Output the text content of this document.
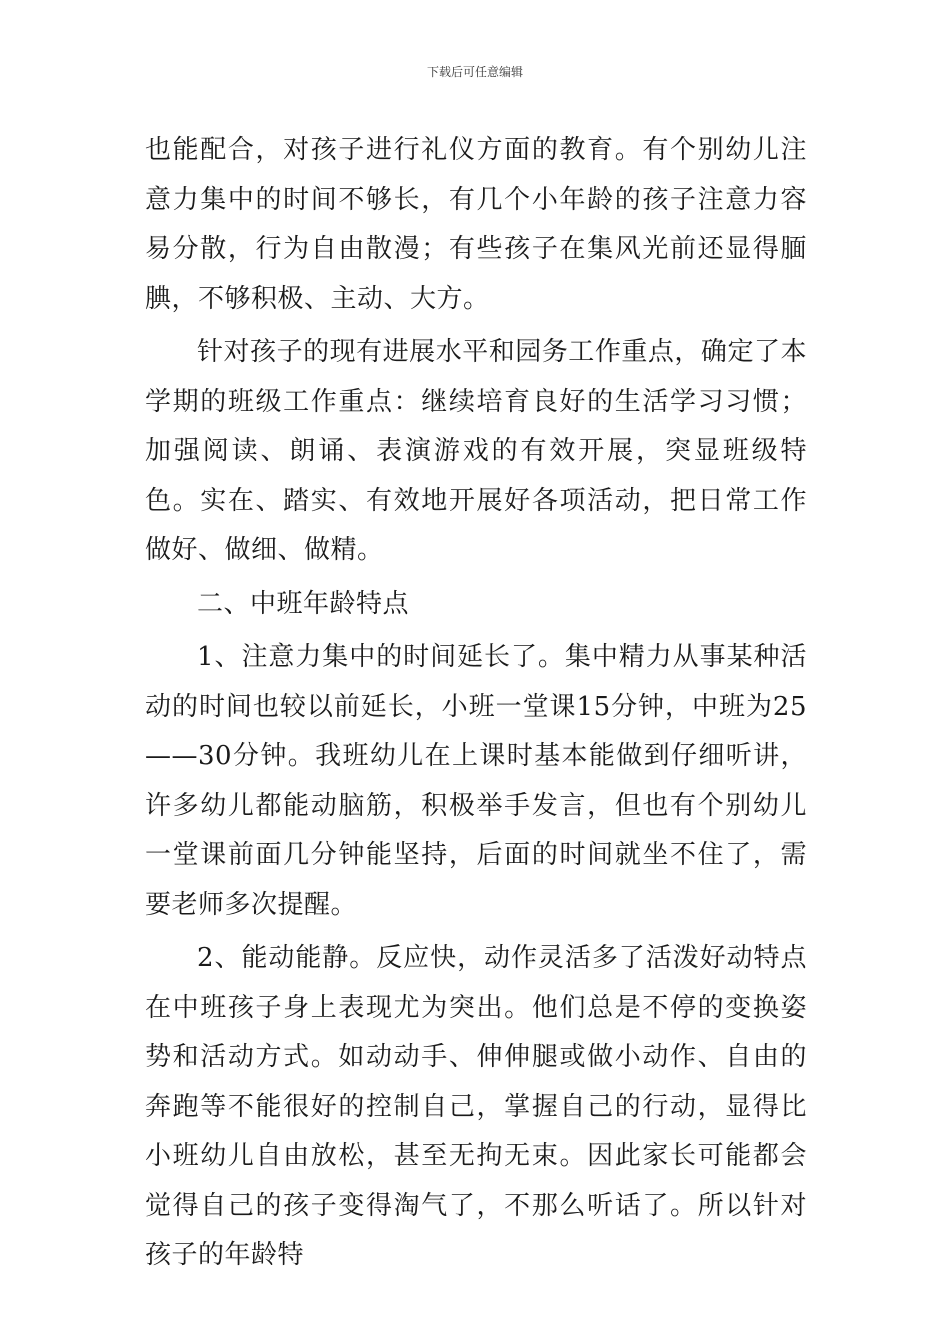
下载后可任意编辑

也能配合，对孩子进行礼仪方面的教育。有个别幼儿注意力集中的时间不够长，有几个小年龄的孩子注意力容易分散，行为自由散漫；有些孩子在集风光前还显得腼腆，不够积极、主动、大方。

针对孩子的现有进展水平和园务工作重点，确定了本学期的班级工作重点：继续培育良好的生活学习习惯；加强阅读、朗诵、表演游戏的有效开展，突显班级特色。实在、踏实、有效地开展好各项活动，把日常工作做好、做细、做精。

二、中班年龄特点

1、注意力集中的时间延长了。集中精力从事某种活动的时间也较以前延长，小班一堂课15分钟，中班为25——30分钟。我班幼儿在上课时基本能做到仔细听讲，许多幼儿都能动脑筋，积极举手发言，但也有个别幼儿一堂课前面几分钟能坚持，后面的时间就坐不住了，需要老师多次提醒。

2、能动能静。反应快，动作灵活多了活泼好动特点在中班孩子身上表现尤为突出。他们总是不停的变换姿势和活动方式。如动动手、伸伸腿或做小动作、自由的奔跑等不能很好的控制自己，掌握自己的行动，显得比小班幼儿自由放松，甚至无拘无束。因此家长可能都会觉得自己的孩子变得淘气了，不那么听话了。所以针对孩子的年龄特
